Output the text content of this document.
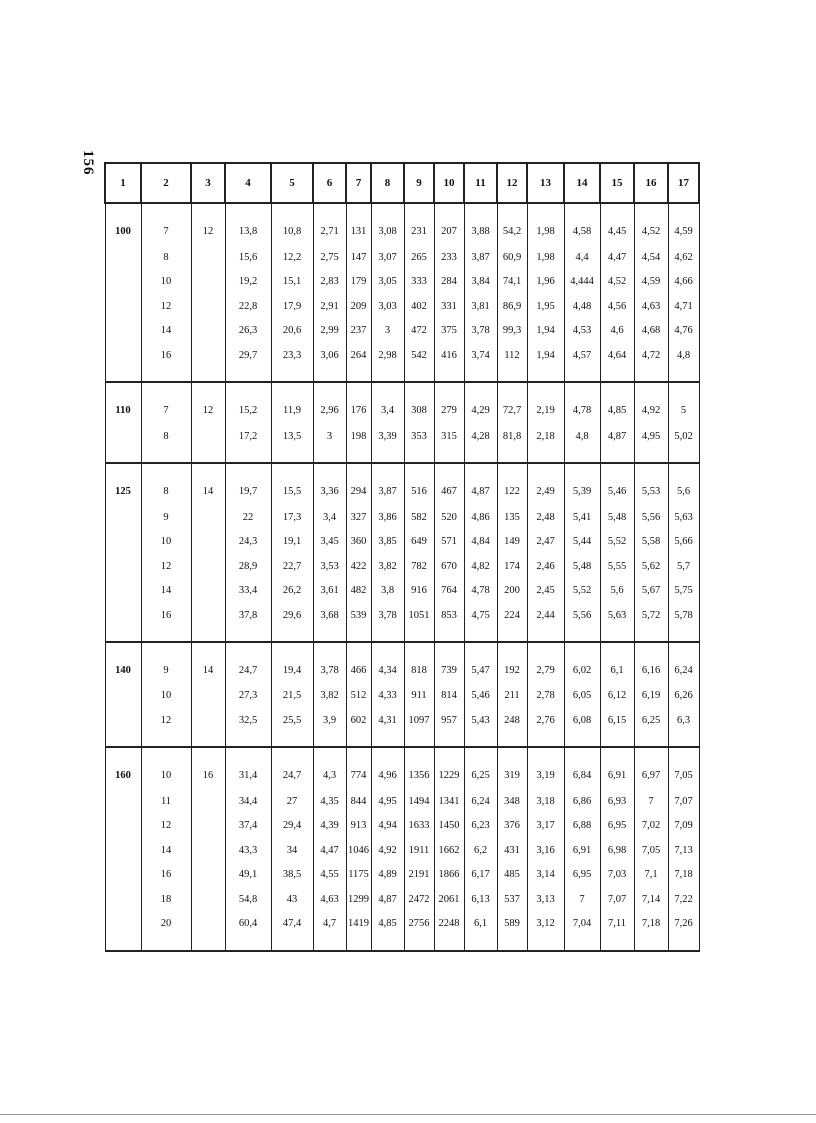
156
1	2	3	4	5	6	7	8	9	10	11	12	13	14	15	16	17
100	7	12	13,8	10,8	2,71	131	3,08	231	207	3,88	54,2	1,98	4,58	4,45	4,52	4,59
	8		15,6	12,2	2,75	147	3,07	265	233	3,87	60,9	1,98	4,4	4,47	4,54	4,62
	10		19,2	15,1	2,83	179	3,05	333	284	3,84	74,1	1,96	4,444	4,52	4,59	4,66
	12		22,8	17,9	2,91	209	3,03	402	331	3,81	86,9	1,95	4,48	4,56	4,63	4,71
	14		26,3	20,6	2,99	237	3	472	375	3,78	99,3	1,94	4,53	4,6	4,68	4,76
	16		29,7	23,3	3,06	264	2,98	542	416	3,74	112	1,94	4,57	4,64	4,72	4,8
110	7	12	15,2	11,9	2,96	176	3,4	308	279	4,29	72,7	2,19	4,78	4,85	4,92	5
	8		17,2	13,5	3	198	3,39	353	315	4,28	81,8	2,18	4,8	4,87	4,95	5,02
125	8	14	19,7	15,5	3,36	294	3,87	516	467	4,87	122	2,49	5,39	5,46	5,53	5,6
	9		22	17,3	3,4	327	3,86	582	520	4,86	135	2,48	5,41	5,48	5,56	5,63
	10		24,3	19,1	3,45	360	3,85	649	571	4,84	149	2,47	5,44	5,52	5,58	5,66
	12		28,9	22,7	3,53	422	3,82	782	670	4,82	174	2,46	5,48	5,55	5,62	5,7
	14		33,4	26,2	3,61	482	3,8	916	764	4,78	200	2,45	5,52	5,6	5,67	5,75
	16		37,8	29,6	3,68	539	3,78	1051	853	4,75	224	2,44	5,56	5,63	5,72	5,78
140	9	14	24,7	19,4	3,78	466	4,34	818	739	5,47	192	2,79	6,02	6,1	6,16	6,24
	10		27,3	21,5	3,82	512	4,33	911	814	5,46	211	2,78	6,05	6,12	6,19	6,26
	12		32,5	25,5	3,9	602	4,31	1097	957	5,43	248	2,76	6,08	6,15	6,25	6,3
160	10	16	31,4	24,7	4,3	774	4,96	1356	1229	6,25	319	3,19	6,84	6,91	6,97	7,05
	11		34,4	27	4,35	844	4,95	1494	1341	6,24	348	3,18	6,86	6,93	7	7,07
	12		37,4	29,4	4,39	913	4,94	1633	1450	6,23	376	3,17	6,88	6,95	7,02	7,09
	14		43,3	34	4,47	1046	4,92	1911	1662	6,2	431	3,16	6,91	6,98	7,05	7,13
	16		49,1	38,5	4,55	1175	4,89	2191	1866	6,17	485	3,14	6,95	7,03	7,1	7,18
	18		54,8	43	4,63	1299	4,87	2472	2061	6,13	537	3,13	7	7,07	7,14	7,22
	20		60,4	47,4	4,7	1419	4,85	2756	2248	6,1	589	3,12	7,04	7,11	7,18	7,26
